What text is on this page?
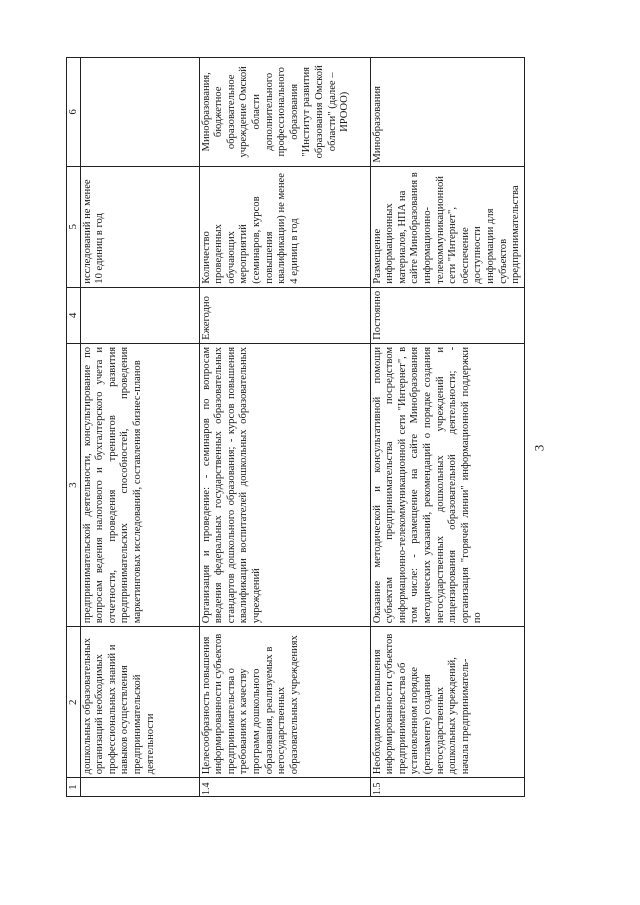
3
1	2	3	4	5	6
	дошкольных образовательных организаций необходимых профессиональных знаний и навыков осуществления предпринимательской деятельности	предпринимательской деятельности, консультирование по вопросам ведения налогового и бухгалтерского учета и отчетности, проведения тренингов развития предпринимательских способностей, проведения маркетинговых исследований, составления бизнес-планов		исследований не менее 10 единиц в год	
1.4	Целесообразность повышения информированности субъектов предпринимательства о требованиях к качеству программ дошкольного образования, реализуемых в негосударственных образовательных учреждениях	Организация и проведение: - семинаров по вопросам введения федеральных государственных образовательных стандартов дошкольного образования; - курсов повышения квалификации воспитателей дошкольных образовательных учреждений	Ежегодно	Количество проведенных обучающих мероприятий (семинаров, курсов повышения квалификации) не менее 4 единиц в год	Минобразования, бюджетное образовательное учреждение Омской области дополнительного профессионального образования "Институт развития образования Омской области" (далее – ИРООО)
1.5	Необходимость повышения информированности субъектов предпринимательства об установленном порядке (регламенте) создания негосударственных дошкольных учреждений, начала предприниматель-	Оказание методической и консультативной помощи субъектам предпринимательства посредством информационно-телекоммуникационной сети "Интернет", в том числе: - размещение на сайте Минобразования методических указаний, рекомендаций о порядке создания негосударственных дошкольных учреждений и лицензирования образовательной деятельности; - организация "горячей линии" информационной поддержки по	Постоянно	Размещение информационных материалов, НПА на сайте Минобразования в информационно-телекоммуникационной сети "Интернет", обеспечение доступности информации для субъектов предпринимательства	Минобразования
